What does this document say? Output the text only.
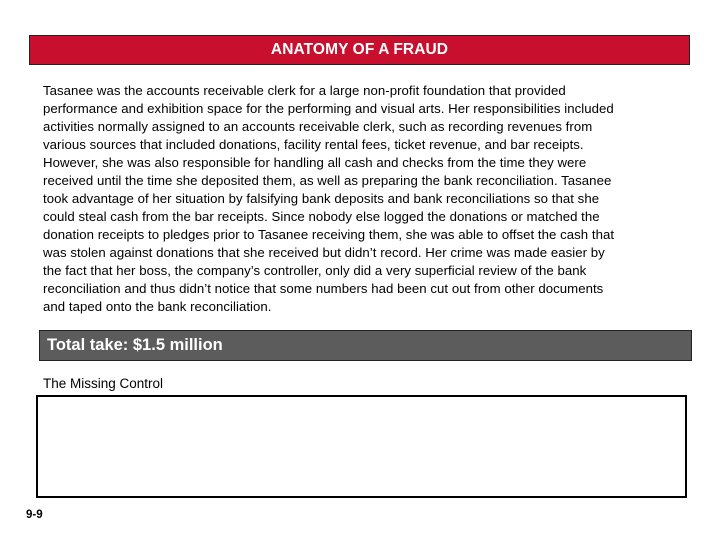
ANATOMY OF A FRAUD

Tasanee was the accounts receivable clerk for a large non-profit foundation that provided
performance and exhibition space for the performing and visual arts. Her responsibilities included
activities normally assigned to an accounts receivable clerk, such as recording revenues from
various sources that included donations, facility rental fees, ticket revenue, and bar receipts.
However, she was also responsible for handling all cash and checks from the time they were
received until the time she deposited them, as well as preparing the bank reconciliation. Tasanee
took advantage of her situation by falsifying bank deposits and bank reconciliations so that she
could steal cash from the bar receipts. Since nobody else logged the donations or matched the
donation receipts to pledges prior to Tasanee receiving them, she was able to offset the cash that
was stolen against donations that she received but didn’t record. Her crime was made easier by
the fact that her boss, the company’s controller, only did a very superficial review of the bank
reconciliation and thus didn’t notice that some numbers had been cut out from other documents
and taped onto the bank reconciliation.

Total take: $1.5 million
The Missing Control
9-9
